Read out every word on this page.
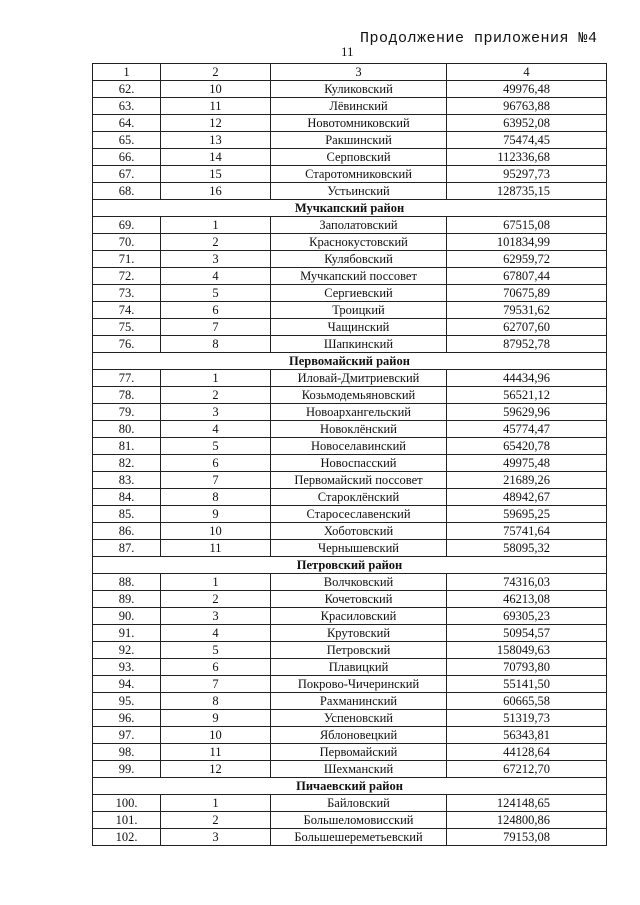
Продолжение приложения №4
11
1	2	3	4
62.	10	Куликовский	49976,48
63.	11	Лёвинский	96763,88
64.	12	Новотомниковский	63952,08
65.	13	Ракшинский	75474,45
66.	14	Серповский	112336,68
67.	15	Старотомниковский	95297,73
68.	16	Устьинский	128735,15
Мучкапский район			
69.	1	Заполатовский	67515,08
70.	2	Краснокустовский	101834,99
71.	3	Кулябовский	62959,72
72.	4	Мучкапский поссовет	67807,44
73.	5	Сергиевский	70675,89
74.	6	Троицкий	79531,62
75.	7	Чащинский	62707,60
76.	8	Шапкинский	87952,78
Первомайский район			
77.	1	Иловай-Дмитриевский	44434,96
78.	2	Козьмодемьяновский	56521,12
79.	3	Новоархангельский	59629,96
80.	4	Новоклёнский	45774,47
81.	5	Новоселавинский	65420,78
82.	6	Новоспасский	49975,48
83.	7	Первомайский поссовет	21689,26
84.	8	Староклёнский	48942,67
85.	9	Старосеславенский	59695,25
86.	10	Хоботовский	75741,64
87.	11	Чернышевский	58095,32
Петровский район			
88.	1	Волчковский	74316,03
89.	2	Кочетовский	46213,08
90.	3	Красиловский	69305,23
91.	4	Крутовский	50954,57
92.	5	Петровский	158049,63
93.	6	Плавицкий	70793,80
94.	7	Покрово-Чичеринский	55141,50
95.	8	Рахманинский	60665,58
96.	9	Успеновский	51319,73
97.	10	Яблоновецкий	56343,81
98.	11	Первомайский	44128,64
99.	12	Шехманский	67212,70
Пичаевский район			
100.	1	Байловский	124148,65
101.	2	Большеломовисский	124800,86
102.	3	Большешереметьевский	79153,08
